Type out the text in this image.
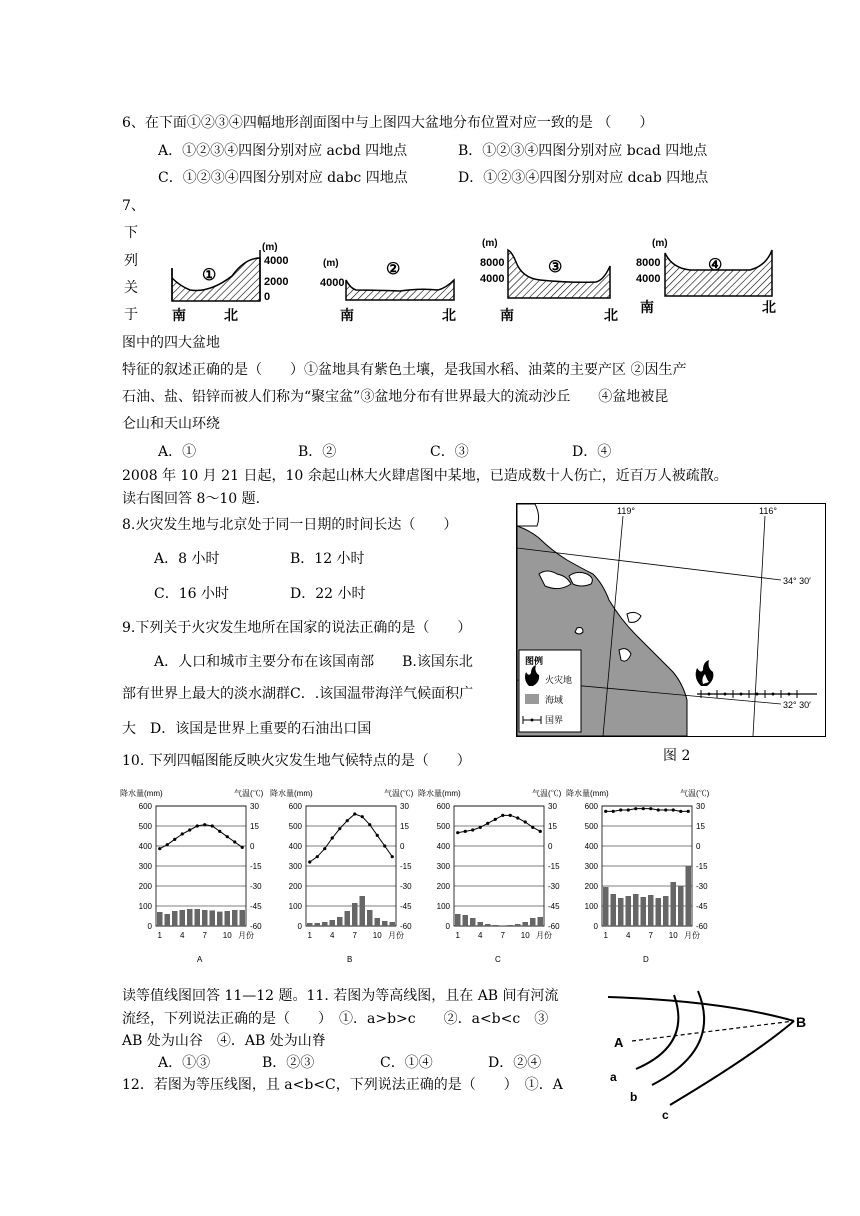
6、在下面①②③④四幅地形剖面图中与上图四大盆地分布位置对应一致的是 （　　）
A．①②③④四图分别对应 acbd 四地点	B．①②③④四图分别对应 bcad 四地点
C．①②③④四图分别对应 dabc 四地点	D．①②③④四图分别对应 dcab 四地点
7、
下
列
关
于
图中的四大盆地
特征的叙述正确的是（　　）①盆地具有紫色土壤，是我国水稻、油菜的主要产区 ②因生产
石油、盐、铅锌而被人们称为“聚宝盆”③盆地分布有世界最大的流动沙丘　　④盆地被昆
仑山和天山环绕
A．①	B．②	C．③	D．④
①
(m)
4000
2000
0
南	北
②
(m)
4000
南	北
③
(m)
8000
4000
南	北
④
(m)
8000
4000
南	北
2008 年 10 月 21 日起，10 余起山林大火肆虐图中某地，已造成数十人伤亡，近百万人被疏散。
读右图回答 8～10 题.
8.火灾发生地与北京处于同一日期的时间长达（　　）
A．8 小时	B．12 小时
C．16 小时	D．22 小时
9.下列关于火灾发生地所在国家的说法正确的是（　　）
A．人口和城市主要分布在该国南部　　B.该国东北
部有世界上最大的淡水湖群C．.该国温带海洋气候面积广
大　D．该国是世界上重要的石油出口国
119°	116°
34° 30′
32° 30′
图例
火灾地
海域
国界
图 2
10. 下列四幅图能反映火灾发生地气候特点的是（　　）
降水量(mm)	气温(℃)
600	30
500	15
400	0
300	-15
200	-30
100	-45
0	-60
1 4 7 10 月份
A
降水量(mm)	气温(℃)
600	30
500	15
400	0
300	-15
200	-30
100	-45
0	-60
1 4 7 10 月份
B
降水量(mm)	气温(℃)
600	30
500	15
400	0
300	-15
200	-30
100	-45
0	-60
1 4 7 10 月份
C
降水量(mm)	气温(℃)
600	30
500	15
400	0
300	-15
200	-30
100	-45
0	-60
1 4 7 10 月份
D
读等值线图回答 11—12 题。11. 若图为等高线图，且在 AB 间有河流
流经，下列说法正确的是（　　）　①．a>b>c　　②．a<b<c　③
AB 处为山谷　④．AB 处为山脊
A．①③	B．②③	C．①④	D．②④
12．若图为等压线图，且 a<b<C，下列说法正确的是（　　）　①．A
A
B
a
b
c
